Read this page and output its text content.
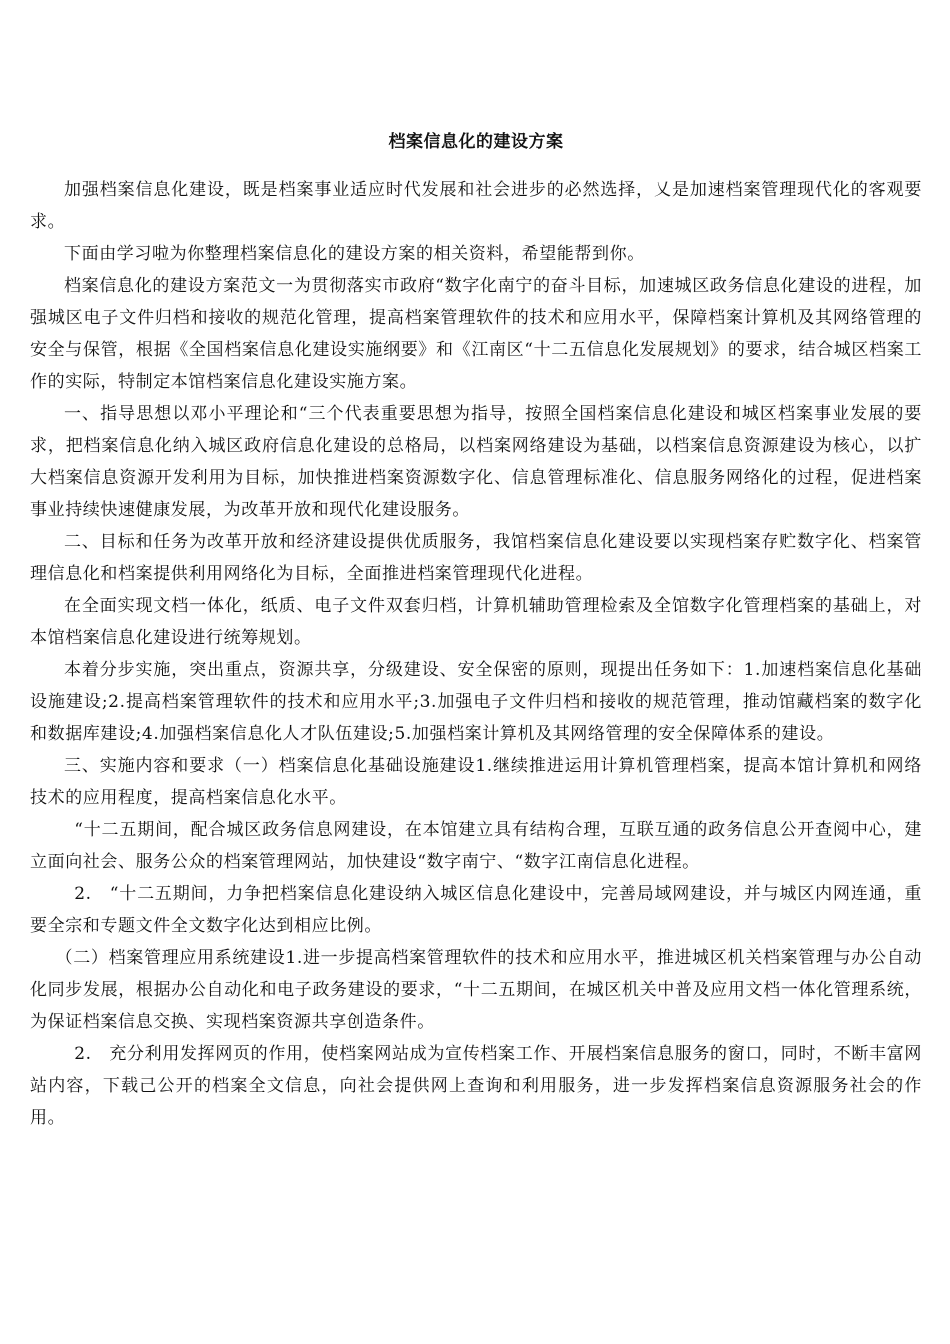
档案信息化的建设方案

加强档案信息化建设，既是档案事业适应时代发展和社会进步的必然选择，乂是加速档案管理现代化的客观要求。

下面由学习啦为你整理档案信息化的建设方案的相关资料，希望能帮到你。

档案信息化的建设方案范文一为贯彻落实市政府“数字化南宁的奋斗目标，加速城区政务信息化建设的进程，加强城区电子文件归档和接收的规范化管理，提高档案管理软件的技术和应用水平，保障档案计算机及其网络管理的安全与保管，根据《全国档案信息化建设实施纲要》和《江南区“十二五信息化发展规划》的要求，结合城区档案工作的实际，特制定本馆档案信息化建设实施方案。

一、指导思想以邓小平理论和“三个代表重要思想为指导，按照全国档案信息化建设和城区档案事业发展的要求，把档案信息化纳入城区政府信息化建设的总格局，以档案网络建设为基础，以档案信息资源建设为核心，以扩大档案信息资源开发利用为目标，加快推进档案资源数字化、信息管理标准化、信息服务网络化的过程，促进档案事业持续快速健康发展，为改革开放和现代化建设服务。

二、目标和任务为改革开放和经济建设提供优质服务，我馆档案信息化建设要以实现档案存贮数字化、档案管理信息化和档案提供利用网络化为目标，全面推进档案管理现代化进程。

在全面实现文档一体化，纸质、电子文件双套归档，计算机辅助管理检索及全馆数字化管理档案的基础上，对本馆档案信息化建设进行统筹规划。

本着分步实施，突出重点，资源共享，分级建设、安全保密的原则，现提出任务如下：1.加速档案信息化基础设施建设;2.提高档案管理软件的技术和应用水平;3.加强电子文件归档和接收的规范管理，推动馆藏档案的数字化和数据库建设;4.加强档案信息化人才队伍建设;5.加强档案计算机及其网络管理的安全保障体系的建设。

三、实施内容和要求（一）档案信息化基础设施建设1.继续推进运用计算机管理档案，提高本馆计算机和网络技术的应用程度，提高档案信息化水平。

“十二五期间，配合城区政务信息网建设，在本馆建立具有结构合理，互联互通的政务信息公开查阅中心，建立面向社会、服务公众的档案管理网站，加快建设“数字南宁、“数字江南信息化进程。

2.　“十二五期间，力争把档案信息化建设纳入城区信息化建设中，完善局域网建设，并与城区内网连通，重要全宗和专题文件全文数字化达到相应比例。

（二）档案管理应用系统建设1.进一步提高档案管理软件的技术和应用水平，推进城区机关档案管理与办公自动化同步发展，根据办公自动化和电子政务建设的要求，“十二五期间，在城区机关中普及应用文档一体化管理系统，为保证档案信息交换、实现档案资源共享创造条件。

2.　充分利用发挥网页的作用，使档案网站成为宣传档案工作、开展档案信息服务的窗口，同时，不断丰富网站内容，下载己公开的档案全文信息，向社会提供网上查询和利用服务，进一步发挥档案信息资源服务社会的作用。
